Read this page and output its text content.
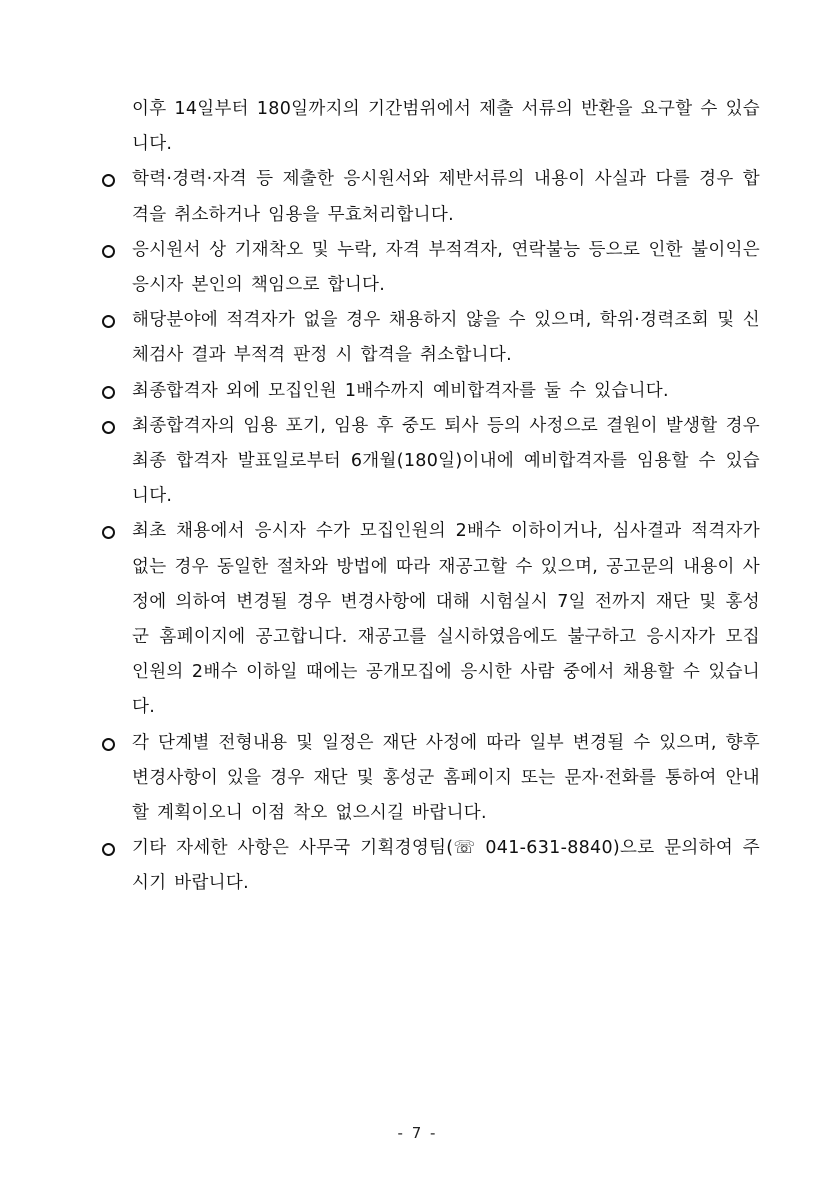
이후 14일부터 180일까지의 기간범위에서 제출 서류의 반환을 요구할 수 있습니다.
학력·경력·자격 등 제출한 응시원서와 제반서류의 내용이 사실과 다를 경우 합격을 취소하거나 임용을 무효처리합니다.
응시원서 상 기재착오 및 누락, 자격 부적격자, 연락불능 등으로 인한 불이익은 응시자 본인의 책임으로 합니다.
해당분야에 적격자가 없을 경우 채용하지 않을 수 있으며, 학위·경력조회 및 신체검사 결과 부적격 판정 시 합격을 취소합니다.
최종합격자 외에 모집인원 1배수까지 예비합격자를 둘 수 있습니다.
최종합격자의 임용 포기, 임용 후 중도 퇴사 등의 사정으로 결원이 발생할 경우 최종 합격자 발표일로부터 6개월(180일)이내에 예비합격자를 임용할 수 있습니다.
최초 채용에서 응시자 수가 모집인원의 2배수 이하이거나, 심사결과 적격자가 없는 경우 동일한 절차와 방법에 따라 재공고할 수 있으며, 공고문의 내용이 사정에 의하여 변경될 경우 변경사항에 대해 시험실시 7일 전까지 재단 및 홍성군 홈페이지에 공고합니다. 재공고를 실시하였음에도 불구하고 응시자가 모집인원의 2배수 이하일 때에는 공개모집에 응시한 사람 중에서 채용할 수 있습니다.
각 단계별 전형내용 및 일정은 재단 사정에 따라 일부 변경될 수 있으며, 향후 변경사항이 있을 경우 재단 및 홍성군 홈페이지 또는 문자·전화를 통하여 안내할 계획이오니 이점 착오 없으시길 바랍니다.
기타 자세한 사항은 사무국 기획경영팀(☏ 041-631-8840)으로 문의하여 주시기 바랍니다.
- 7 -
